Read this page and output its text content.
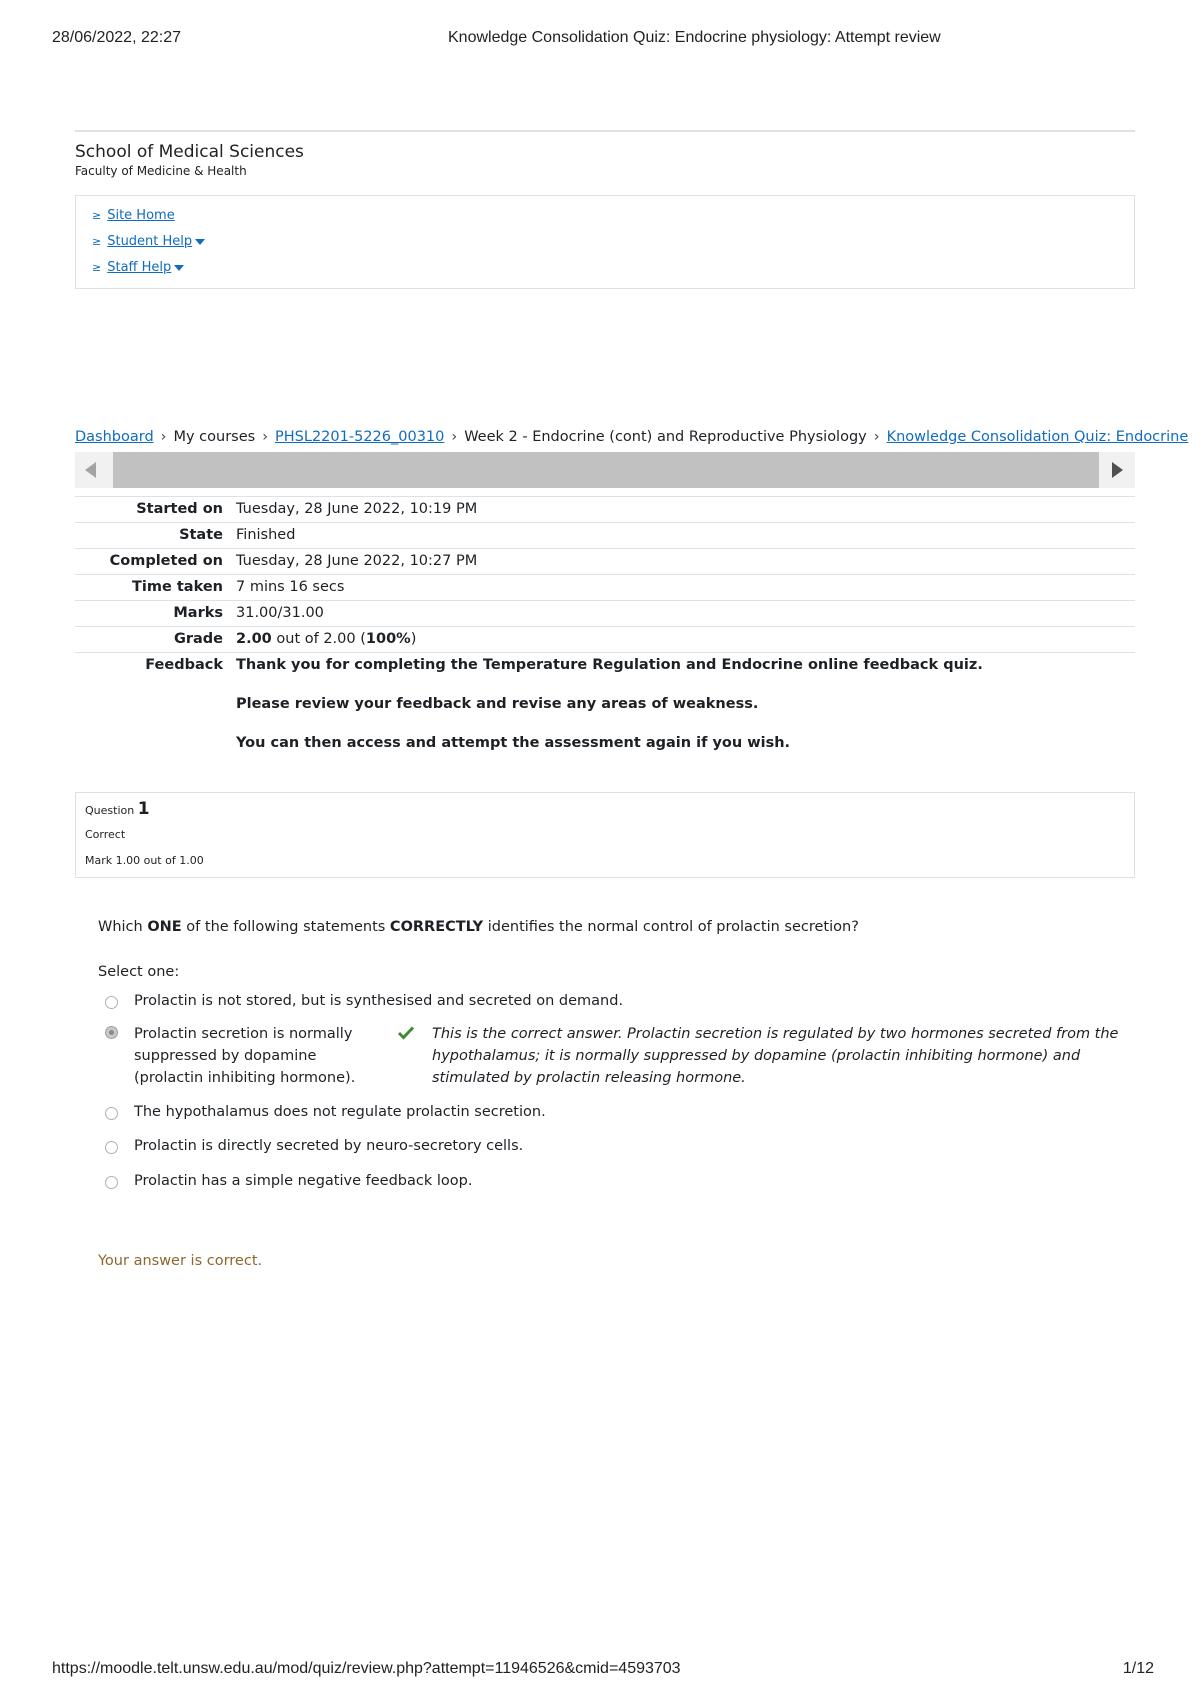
28/06/2022, 22:27	Knowledge Consolidation Quiz: Endocrine physiology: Attempt review
School of Medical Sciences
Faculty of Medicine & Health
≥ Site Home
≥ Student Help
≥ Staff Help
Dashboard › My courses › PHSL2201-5226_00310 › Week 2 - Endocrine (cont) and Reproductive Physiology › Knowledge Consolidation Quiz: Endocrine
Started on Tuesday, 28 June 2022, 10:19 PM
State Finished
Completed on Tuesday, 28 June 2022, 10:27 PM
Time taken 7 mins 16 secs
Marks 31.00/31.00
Grade 2.00 out of 2.00 (100%)
Feedback Thank you for completing the Temperature Regulation and Endocrine online feedback quiz.
Please review your feedback and revise any areas of weakness.
You can then access and attempt the assessment again if you wish.
Question 1
Correct
Mark 1.00 out of 1.00
Which ONE of the following statements CORRECTLY identifies the normal control of prolactin secretion?
Select one:
Prolactin is not stored, but is synthesised and secreted on demand.
Prolactin secretion is normally suppressed by dopamine (prolactin inhibiting hormone).
This is the correct answer. Prolactin secretion is regulated by two hormones secreted from the hypothalamus; it is normally suppressed by dopamine (prolactin inhibiting hormone) and stimulated by prolactin releasing hormone.
The hypothalamus does not regulate prolactin secretion.
Prolactin is directly secreted by neuro-secretory cells.
Prolactin has a simple negative feedback loop.
Your answer is correct.
https://moodle.telt.unsw.edu.au/mod/quiz/review.php?attempt=11946526&cmid=4593703	1/12
